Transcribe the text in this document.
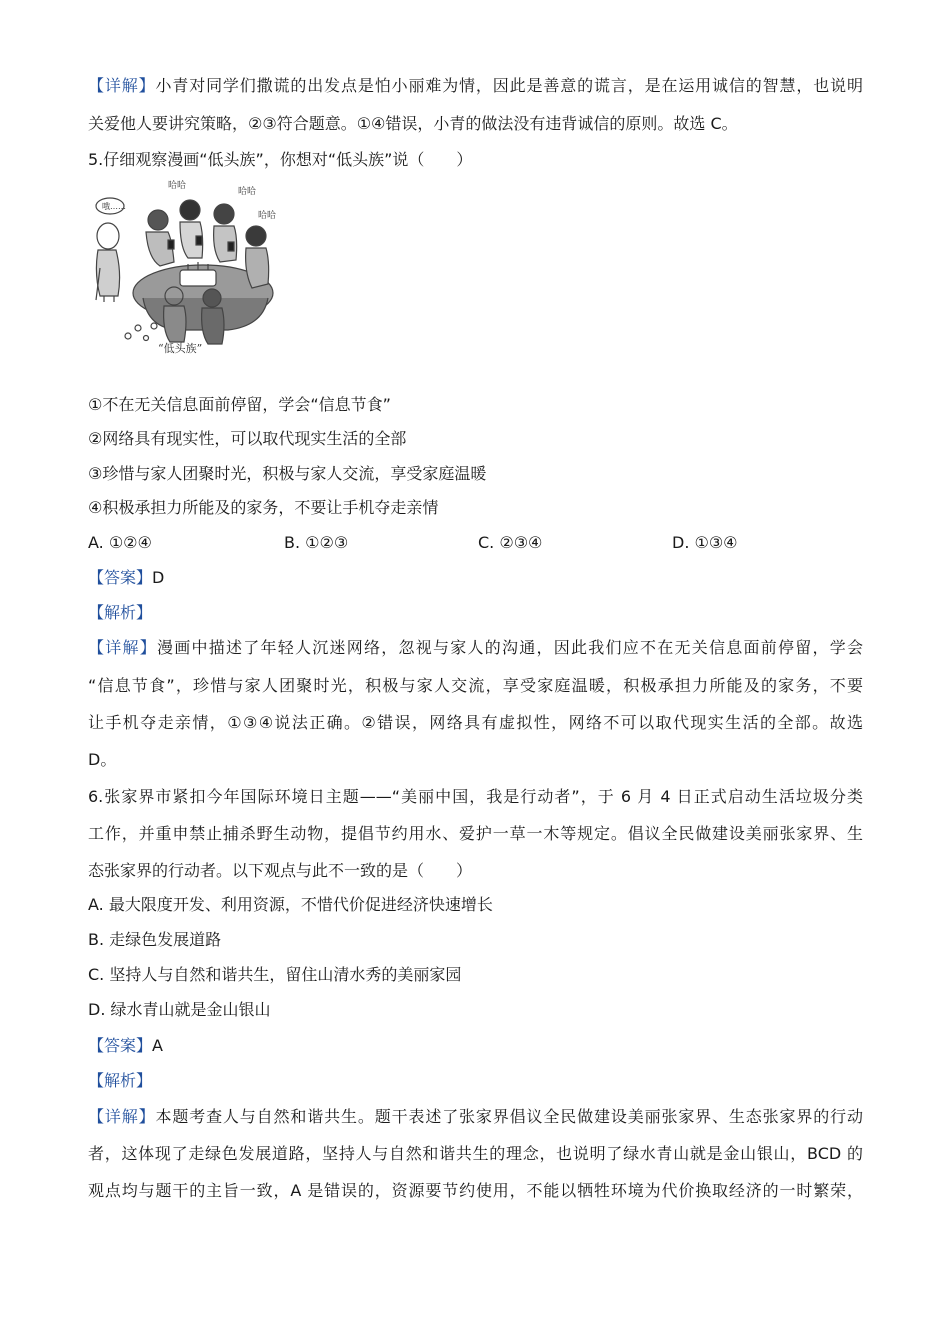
【详解】小青对同学们撒谎的出发点是怕小丽难为情，因此是善意的谎言，是在运用诚信的智慧，也说明
关爱他人要讲究策略，②③符合题意。①④错误，小青的做法没有违背诚信的原则。故选 C。
5.仔细观察漫画“低头族”，你想对“低头族”说（　　）
哦……
哈哈
哈哈
哈哈
“低头族”
①不在无关信息面前停留，学会“信息节食”
②网络具有现实性，可以取代现实生活的全部
③珍惜与家人团聚时光，积极与家人交流，享受家庭温暖
④积极承担力所能及的家务，不要让手机夺走亲情
A. ①②④	B. ①②③	C. ②③④	D. ①③④
【答案】D
【解析】
【详解】漫画中描述了年轻人沉迷网络，忽视与家人的沟通，因此我们应不在无关信息面前停留，学会
“信息节食”，珍惜与家人团聚时光，积极与家人交流，享受家庭温暖，积极承担力所能及的家务，不要
让手机夺走亲情，①③④说法正确。②错误，网络具有虚拟性，网络不可以取代现实生活的全部。故选
D。
6.张家界市紧扣今年国际环境日主题——“美丽中国，我是行动者”，于 6 月 4 日正式启动生活垃圾分类
工作，并重申禁止捕杀野生动物，提倡节约用水、爱护一草一木等规定。倡议全民做建设美丽张家界、生
态张家界的行动者。以下观点与此不一致的是（　　）
A. 最大限度开发、利用资源，不惜代价促进经济快速增长
B. 走绿色发展道路
C. 坚持人与自然和谐共生，留住山清水秀的美丽家园
D. 绿水青山就是金山银山
【答案】A
【解析】
【详解】本题考查人与自然和谐共生。题干表述了张家界倡议全民做建设美丽张家界、生态张家界的行动
者，这体现了走绿色发展道路，坚持人与自然和谐共生的理念，也说明了绿水青山就是金山银山，BCD 的
观点均与题干的主旨一致，A 是错误的，资源要节约使用，不能以牺牲环境为代价换取经济的一时繁荣，
